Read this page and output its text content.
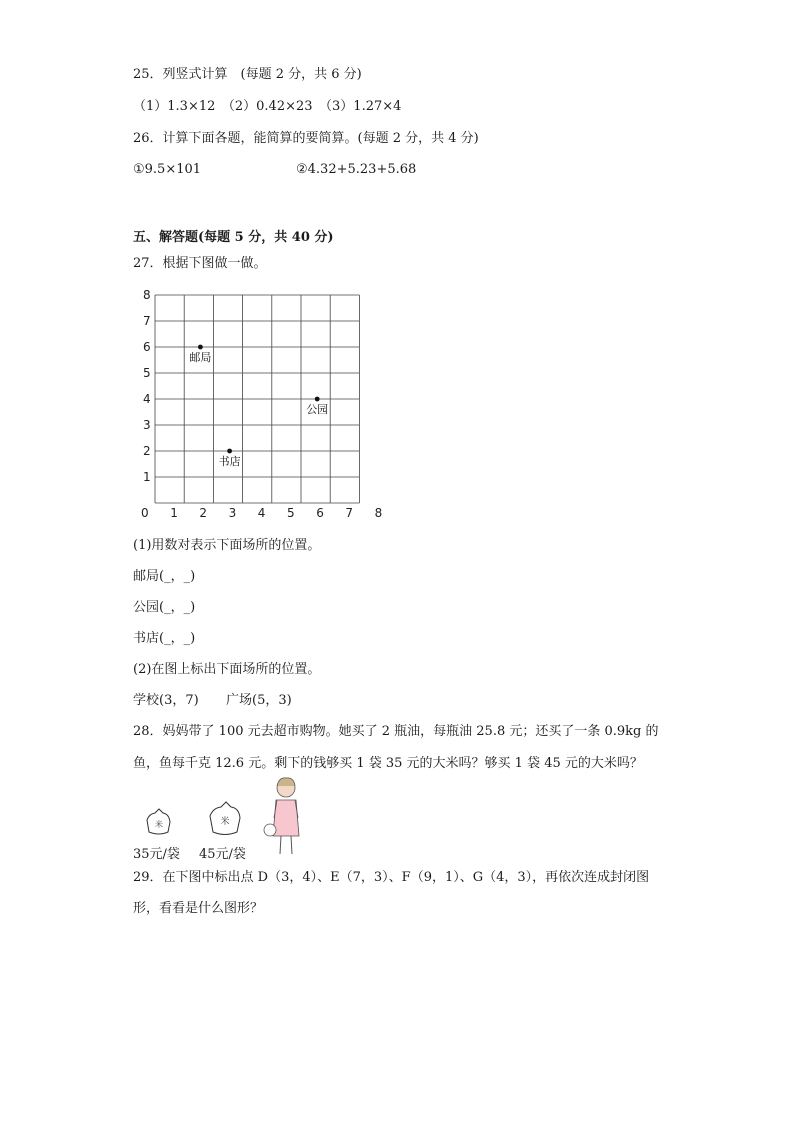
25．列竖式计算　(每题 2 分，共 6 分)
（1）1.3×12　（2）0.42×23　（3）1.27×4
26．计算下面各题，能简算的要简算。(每题 2 分，共 4 分)
①9.5×101	②4.32+5.23+5.68
五、解答题(每题 5 分，共 40 分)
27．根据下图做一做。
0 1 2 3 4 5 6 7 8
1
2
3
4
5
6
7
8
邮局
公园
书店
(1)用数对表示下面场所的位置。
邮局(_，_)
公园(_，_)
书店(_，_)
(2)在图上标出下面场所的位置。
学校(3，7) 广场(5，3)
28．妈妈带了 100 元去超市购物。她买了 2 瓶油，每瓶油 25.8 元；还买了一条 0.9kg 的
鱼，鱼每千克 12.6 元。剩下的钱够买 1 袋 35 元的大米吗？够买 1 袋 45 元的大米吗？
米	米
35元/袋 45元/袋
29．在下图中标出点 D（3，4）、E（7，3）、F（9，1）、G（4，3），再依次连成封闭图
形，看看是什么图形？
